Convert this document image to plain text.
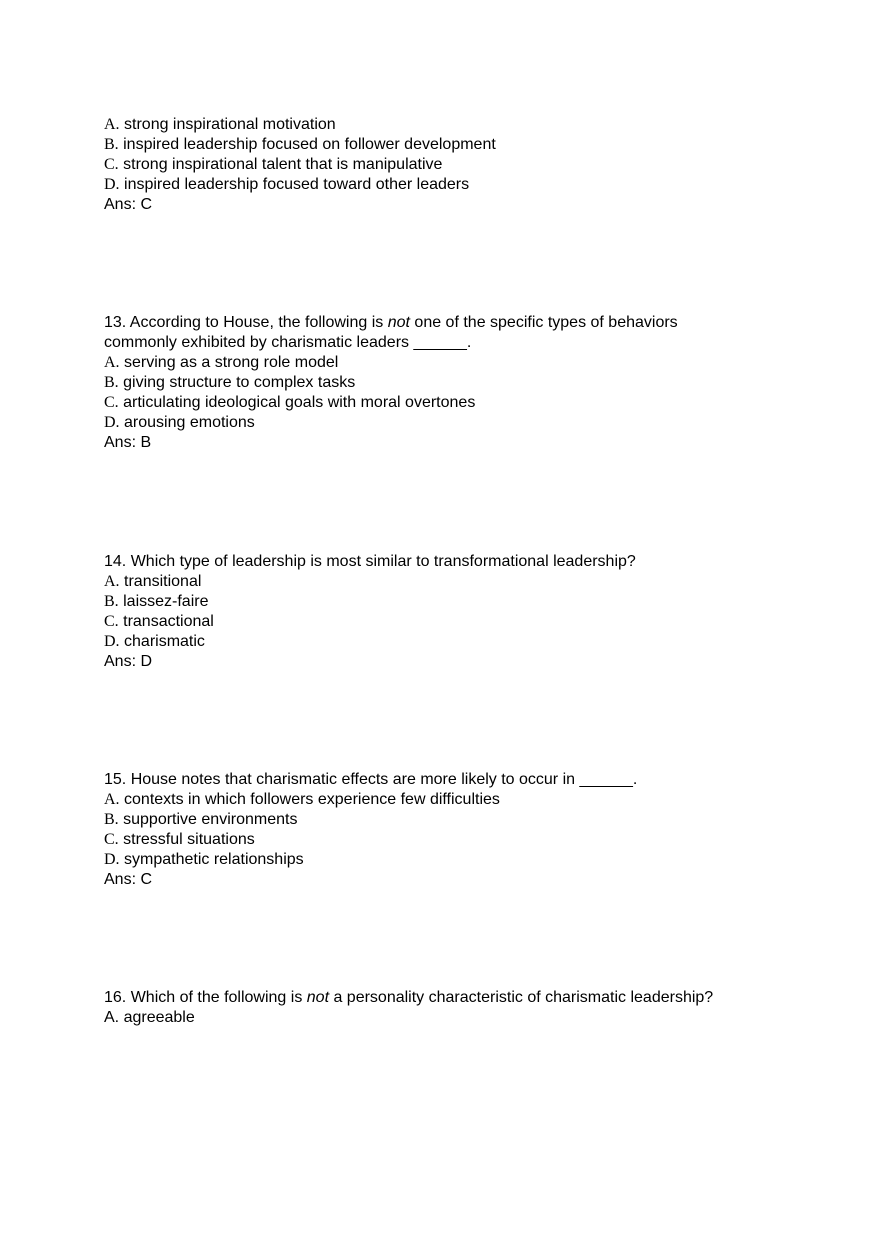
A. strong inspirational motivation
B. inspired leadership focused on follower development
C. strong inspirational talent that is manipulative
D. inspired leadership focused toward other leaders
Ans: C
13. According to House, the following is not one of the specific types of behaviors
commonly exhibited by charismatic leaders ______.
A. serving as a strong role model
B. giving structure to complex tasks
C. articulating ideological goals with moral overtones
D. arousing emotions
Ans: B
14. Which type of leadership is most similar to transformational leadership?
A. transitional
B. laissez-faire
C. transactional
D. charismatic
Ans: D
15. House notes that charismatic effects are more likely to occur in ______.
A. contexts in which followers experience few difficulties
B. supportive environments
C. stressful situations
D. sympathetic relationships
Ans: C
16. Which of the following is not a personality characteristic of charismatic leadership?
A. agreeable
